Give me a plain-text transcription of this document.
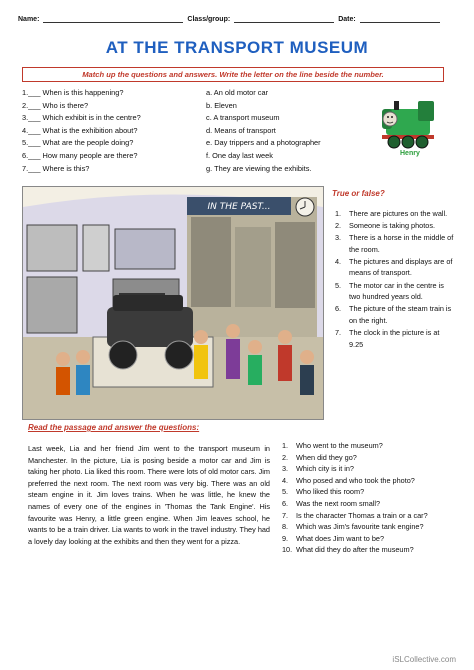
Name:	Class/group:	Date:
AT THE TRANSPORT MUSEUM
Match up the questions and answers. Write the letter on the line beside the number.
1.___ When is this happening?
2.___ Who is there?
3.___ Which exhibit is in the centre?
4.___ What is the exhibition about?
5.___ What are the people doing?
6.___ How many people are there?
7.___ Where is this?
a. An old motor car
b. Eleven
c. A transport museum
d. Means of transport
e. Day trippers and a photographer
f. One day last week
g. They are viewing the exhibits.
Henry
IN THE PAST...
True or false?
1.	There are pictures on the wall.
2.	Someone is taking photos.
3.	There is a horse in the middle of the room.
4.	The pictures and displays are of means of transport.
5.	The motor car in the centre is two hundred years old.
6.	The picture of the steam train is on the right.
7.	The clock in the picture is at 9.25
Read the passage and answer the questions:
Last week, Lia and her friend Jim went to the transport museum in Manchester. In the picture, Lia is posing beside a motor car and Jim is taking her photo. Lia liked this room. There were lots of old motor cars. Jim preferred the next room. The next room was very big. There was an old steam engine in it. Jim loves trains. When he was little, he knew the names of every one of the engines in 'Thomas the Tank Engine'. His favourite was Henry, a little green engine. When Jim leaves school, he wants to be a train driver. Lia wants to work in the travel industry. They had a lovely day looking at the exhibits and then they went for a pizza.
1.	Who went to the museum?
2.	When did they go?
3.	Which city is it in?
4.	Who posed and who took the photo?
5.	Who liked this room?
6.	Was the next room small?
7.	Is the character Thomas a train or a car?
8.	Which was Jim's favourite tank engine?
9.	What does Jim want to be?
10. What did they do after the museum?
iSLCollective.com
